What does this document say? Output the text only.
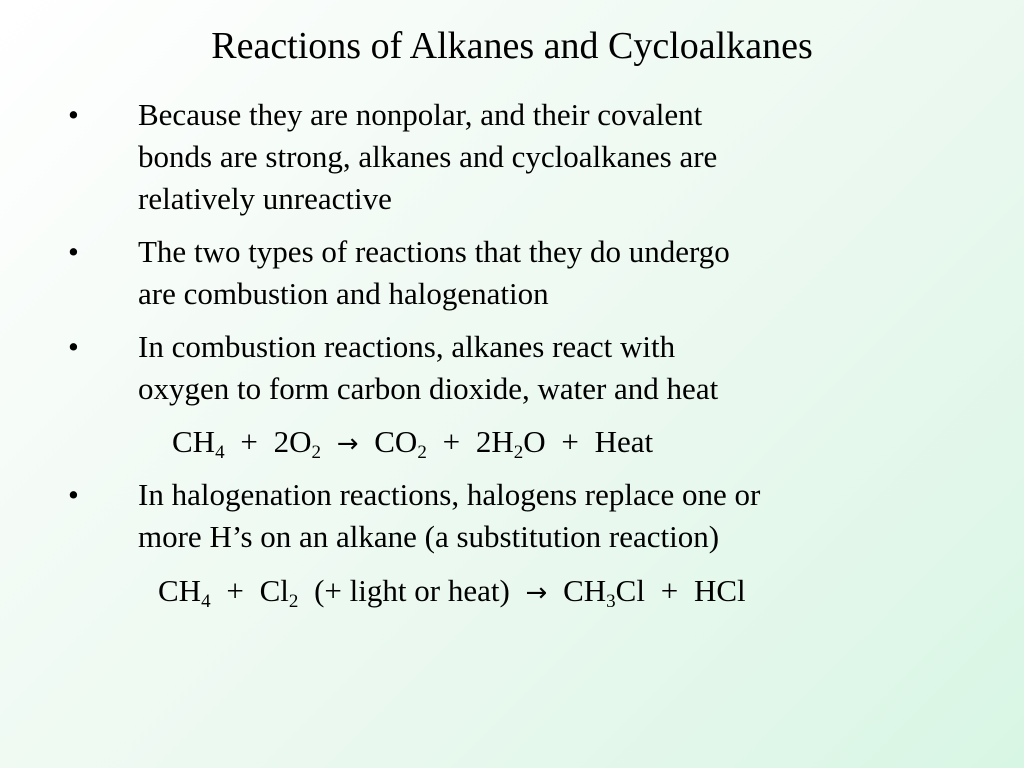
Reactions of Alkanes and Cycloalkanes
• Because they are nonpolar, and their covalent
bonds are strong, alkanes and cycloalkanes are
relatively unreactive
• The two types of reactions that they do undergo
are combustion and halogenation
• In combustion reactions, alkanes react with
oxygen to form carbon dioxide, water and heat
$CH_4 + 2O_2 \to CO_2 + 2H_2O$ + Heat
• In halogenation reactions, halogens replace one or
more H’s on an alkane (a substitution reaction)
$CH_4 + Cl_2$ (+ light or heat) → $CH_3Cl$ + HCl
